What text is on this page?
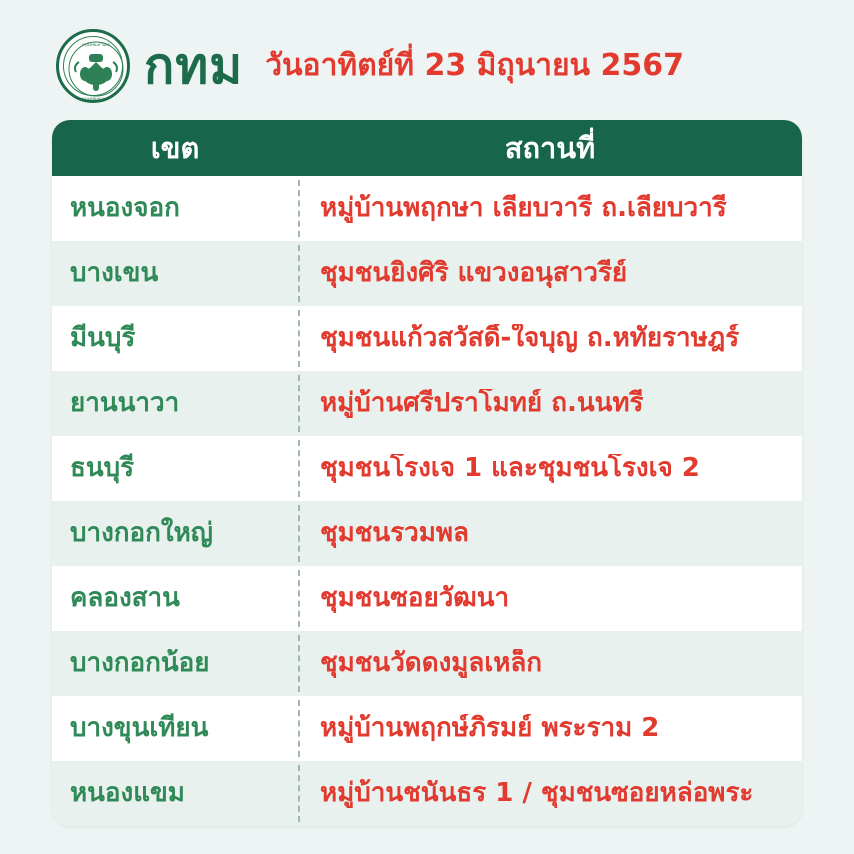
กรุงเทพมหานคร
กรุงเทพมหานคร
กทม วันอาทิตย์ที่ 23 มิถุนายน 2567
เขต	สถานที่
หนองจอก	หมู่บ้านพฤกษา เลียบวารี ถ.เลียบวารี
บางเขน	ชุมชนยิ่งศิริ แขวงอนุสาวรีย์
มีนบุรี	ชุมชนแก้วสวัสดิ์-ใจบุญ ถ.หทัยราษฎร์
ยานนาวา	หมู่บ้านศรีปราโมทย์ ถ.นนทรี
ธนบุรี	ชุมชนโรงเจ 1 และชุมชนโรงเจ 2
บางกอกใหญ่	ชุมชนรวมพล
คลองสาน	ชุมชนซอยวัฒนา
บางกอกน้อย	ชุมชนวัดดงมูลเหล็ก
บางขุนเทียน	หมู่บ้านพฤกษ์ภิรมย์ พระราม 2
หนองแขม	หมู่บ้านชนันธร 1 / ชุมชนซอยหล่อพระ
